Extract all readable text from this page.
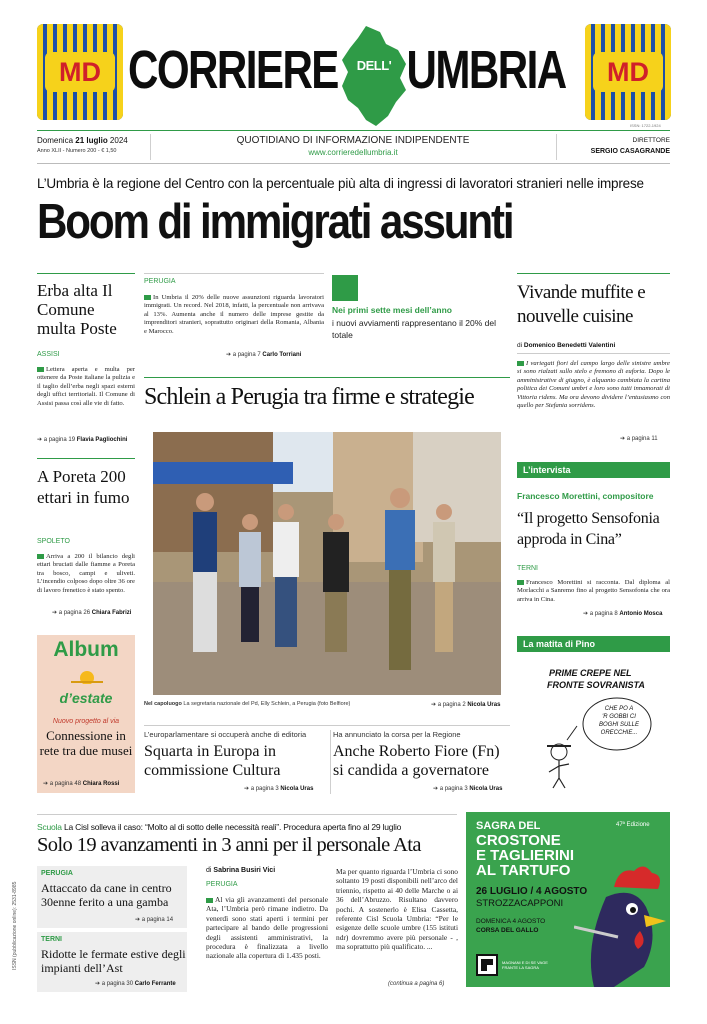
MD	MD
CORRIERE UMBRIA
DELL'
ISSN: 1722-1924
Domenica 21 luglio 2024
Anno XLII - Numero 200 - € 1,50
QUOTIDIANO DI INFORMAZIONE INDIPENDENTE
www.corrieredellumbria.it
DIRETTORE
SERGIO CASAGRANDE
L’Umbria è la regione del Centro con la percentuale più alta di ingressi di lavoratori stranieri nelle imprese
Boom di immigrati assunti
Erba alta Il Comune multa Poste
ASSISI
Lettera aperta e multa per ottenere da Poste italiane la pulizia e il taglio dell’erba negli spazi esterni degli uffici territoriali. Il Comune di Assisi passa così alle vie di fatto.
➔ a pagina 19 Flavia Pagliochini
A Poreta 200 ettari in fumo
SPOLETO
Arriva a 200 il bilancio degli ettari bruciati dalle fiamme a Poreta tra bosco, campi e uliveti. L’incendio colposo dopo oltre 36 ore di lavoro frenetico è stato spento.
➔ a pagina 26 Chiara Fabrizi
Album
d’estate
Nuovo progetto al via
Connessione in rete tra due musei
➔ a pagina 48 Chiara Rossi
PERUGIA
In Umbria il 20% delle nuove assunzioni riguarda lavoratori immigrati. Un record. Nel 2018, infatti, la percentuale non arrivava al 13%. Aumenta anche il numero delle imprese gestite da imprenditori stranieri, soprattutto originari della Romania, Albania e Marocco.
➔ a pagina 7 Carlo Torriani
Nei primi sette mesi dell’anno
i nuovi avviamenti rappresentano il 20% del totale
Schlein a Perugia tra firme e strategie
Nel capoluogo La segretaria nazionale del Pd, Elly Schlein, a Perugia (foto Belfiore)	➔ a pagina 2 Nicola Uras
L’europarlamentare si occuperà anche di editoria
Squarta in Europa in commissione Cultura
➔ a pagina 3 Nicola Uras
Ha annunciato la corsa per la Regione
Anche Roberto Fiore (Fn) si candida a governatore
➔ a pagina 3 Nicola Uras
Vivande muffite e nouvelle cuisine
di Domenico Benedetti Valentini
I variegati fiori del campo largo delle sinistre umbre si sono rialzati sullo stelo e fremono di euforia. Dopo le amministrative di giugno, è alquanto cambiata la cartina politica dei Comuni umbri e loro sono tutti innamorati di Vittoria ridens. Ma ora devono dividere l’entusiasmo con quello per Stefania sorridens.
➔ a pagina 11
L’intervista
Francesco Morettini, compositore
“Il progetto Sensofonia approda in Cina”
TERNI
Francesco Morettini si racconta. Dal diploma al Morlacchi a Sanremo fino al progetto Sensofonia che ora arriva in Cina.
➔ a pagina 8 Antonio Mosca
La matita di Pino
PRIME CREPE NEL
FRONTE SOVRANISTA
CHE PO A
'R GOBBI CI
BOGHI SULLE
ORECCHIE...
ISSN (pubblicazione online): 2531-8985
Scuola La Cisl solleva il caso: “Molto al di sotto delle necessità reali”. Procedura aperta fino al 29 luglio
Solo 19 avanzamenti in 3 anni per il personale Ata
PERUGIA
Attaccato da cane in centro 30enne ferito a una gamba
➔ a pagina 14
TERNI
Ridotte le fermate estive degli impianti dell’Ast
➔ a pagina 30 Carlo Ferrante
di Sabrina Busiri Vici
PERUGIA
Al via gli avanzamenti del personale Ata, l’Umbria però rimane indietro. Da venerdì sono stati aperti i termini per partecipare al bando delle progressioni degli assistenti amministrativi, la procedura è finalizzata a livello nazionale alla copertura di 1.435 posti.
Ma per quanto riguarda l’Umbria ci sono soltanto 19 posti disponibili nell’arco del triennio, rispetto ai 40 delle Marche o ai 36 dell’Abruzzo. Risultano davvero pochi. A sostenerlo è Elisa Cassetta, referente Cisl Scuola Umbria: “Per le esigenze delle scuole umbre (155 istituti ndr) dovremmo avere più personale - , ma soprattutto più qualificato. ...
(continua a pagina 6)
SAGRA DEL	47ª Edizione
CROSTONE
E TAGLIERINI
AL TARTUFO
26 LUGLIO / 4 AGOSTO
STROZZACAPPONI
DOMENICA 4 AGOSTO
CORSA DEL GALLO
MAGNANI E DI SE VAGE FRANTE LA SAGRA
